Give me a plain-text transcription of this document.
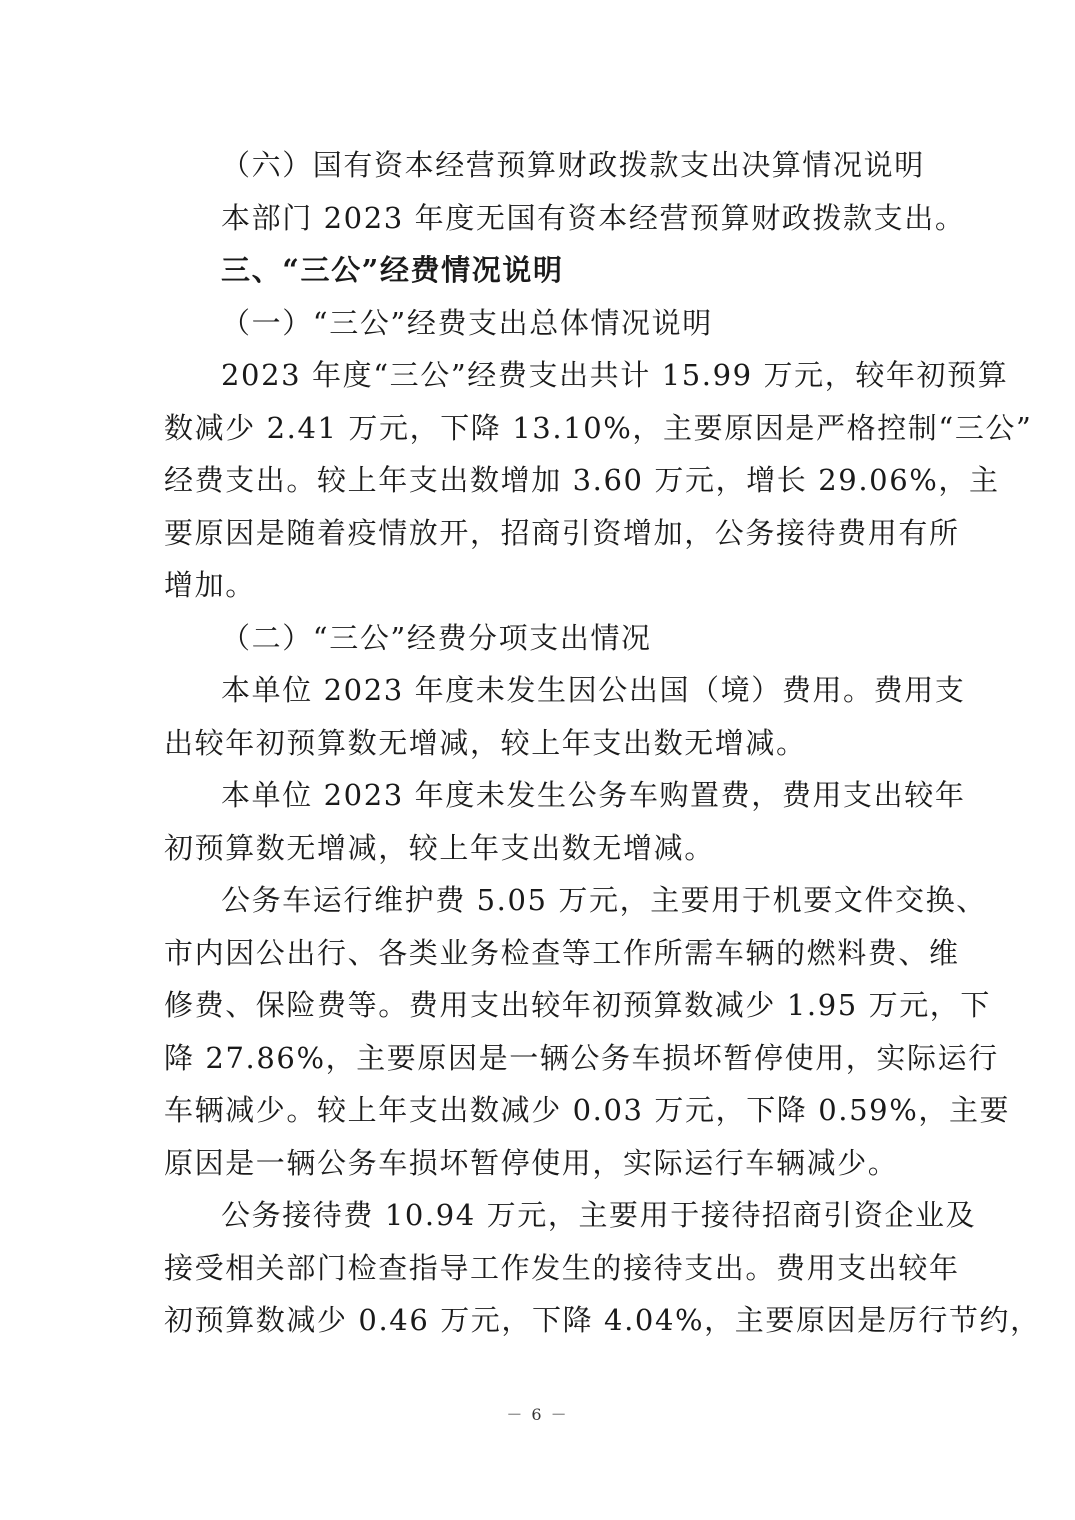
（六）国有资本经营预算财政拨款支出决算情况说明
本部门 2023 年度无国有资本经营预算财政拨款支出。
三、“三公”经费情况说明
（一）“三公”经费支出总体情况说明
2023 年度“三公”经费支出共计 15.99 万元，较年初预算
数减少 2.41 万元，下降 13.10%，主要原因是严格控制“三公”
经费支出。较上年支出数增加 3.60 万元，增长 29.06%，主
要原因是随着疫情放开，招商引资增加，公务接待费用有所
增加。
（二）“三公”经费分项支出情况
本单位 2023 年度未发生因公出国（境）费用。费用支
出较年初预算数无增减，较上年支出数无增减。
本单位 2023 年度未发生公务车购置费，费用支出较年
初预算数无增减，较上年支出数无增减。
公务车运行维护费 5.05 万元，主要用于机要文件交换、
市内因公出行、各类业务检查等工作所需车辆的燃料费、维
修费、保险费等。费用支出较年初预算数减少 1.95 万元，下
降 27.86%，主要原因是一辆公务车损坏暂停使用，实际运行
车辆减少。较上年支出数减少 0.03 万元，下降 0.59%，主要
原因是一辆公务车损坏暂停使用，实际运行车辆减少。
公务接待费 10.94 万元，主要用于接待招商引资企业及
接受相关部门检查指导工作发生的接待支出。费用支出较年
初预算数减少 0.46 万元，下降 4.04%，主要原因是厉行节约，
－ 6 －
